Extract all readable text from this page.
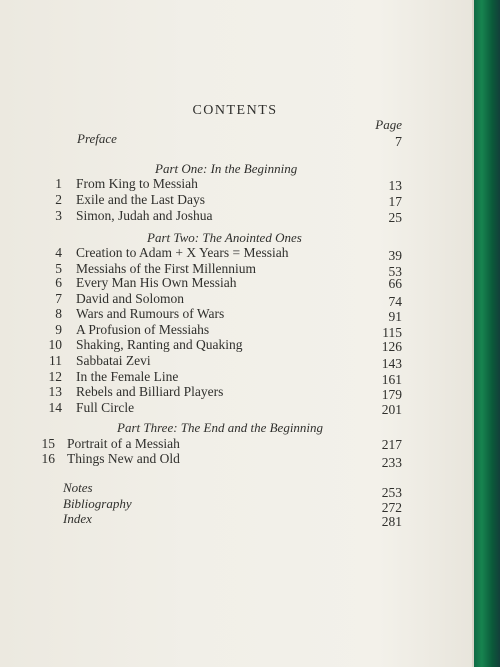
CONTENTS
Page
Preface	7
Part One: In the Beginning
1 From King to Messiah	13
2 Exile and the Last Days	17
3 Simon, Judah and Joshua	25
Part Two: The Anointed Ones
4 Creation to Adam + X Years = Messiah	39
5 Messiahs of the First Millennium	53
6 Every Man His Own Messiah	66
7 David and Solomon	74
8 Wars and Rumours of Wars	91
9 A Profusion of Messiahs	115
10 Shaking, Ranting and Quaking	126
11 Sabbatai Zevi	143
12 In the Female Line	161
13 Rebels and Billiard Players	179
14 Full Circle	201
Part Three: The End and the Beginning
15 Portrait of a Messiah	217
16 Things New and Old	233
Notes	253
Bibliography	272
Index	281
